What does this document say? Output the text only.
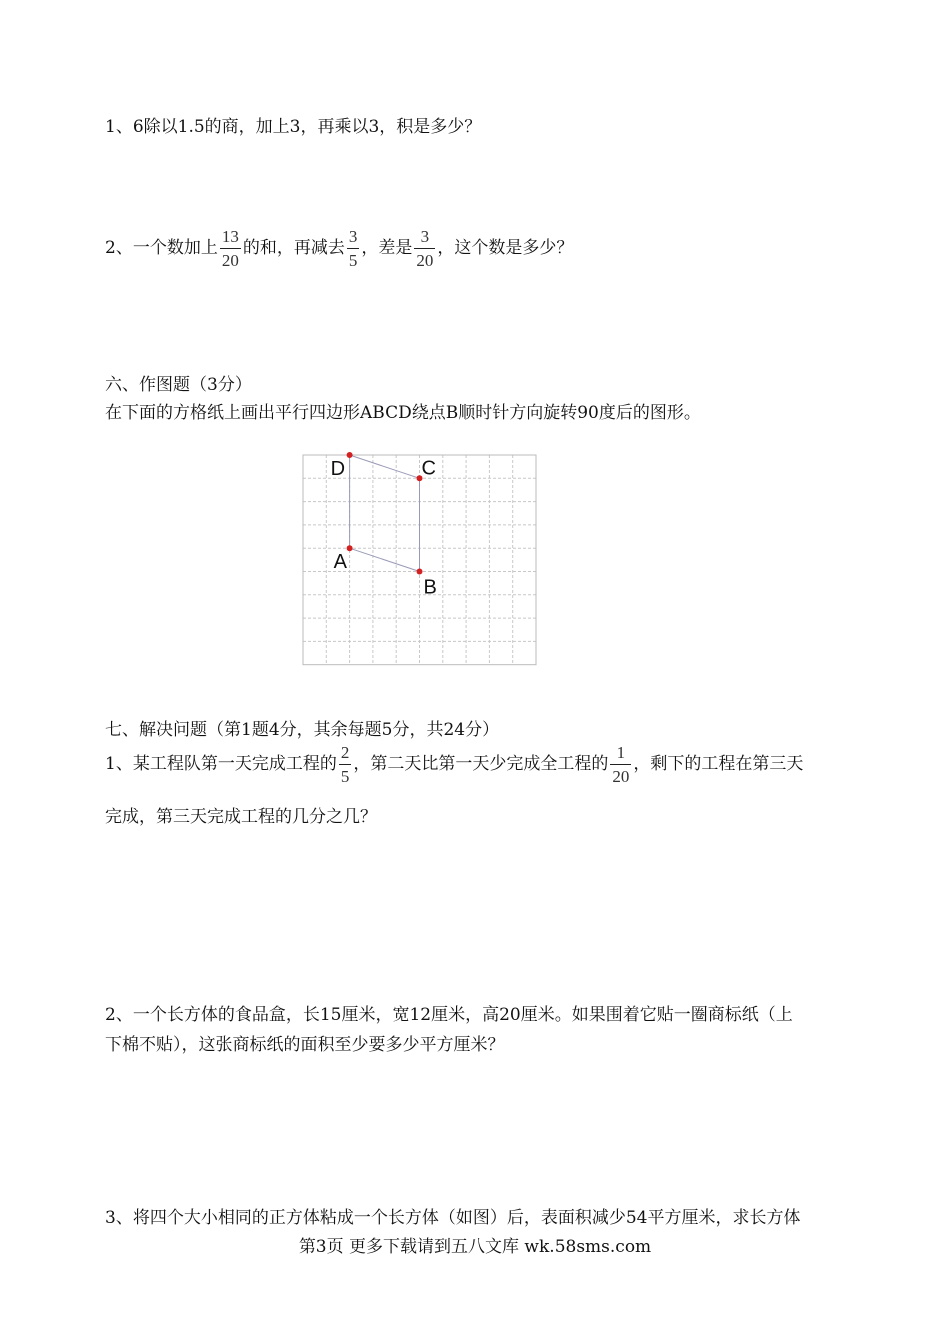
1、6除以1.5的商，加上3，再乘以3，积是多少？
2、一个数加上 $\frac{13}{20}$ 的和，再减去 $\frac{3}{5}$ ，差是 $\frac{3}{20}$ ，这个数是多少？
六、作图题（3分）
在下面的方格纸上画出平行四边形ABCD绕点B顺时针方向旋转90度后的图形。
A
B
C
D
七、解决问题（第1题4分，其余每题5分，共24分）
1、某工程队第一天完成工程的 $\frac{2}{5}$ ，第二天比第一天少完成全工程的 $\frac{1}{20}$ ，剩下的工程在第三天
完成，第三天完成工程的几分之几？
2、一个长方体的食品盒，长15厘米，宽12厘米，高20厘米。如果围着它贴一圈商标纸（上
下棉不贴），这张商标纸的面积至少要多少平方厘米？
3、将四个大小相同的正方体粘成一个长方体（如图）后，表面积减少54平方厘米，求长方体
第3页 更多下载请到五八文库 wk.58sms.com
